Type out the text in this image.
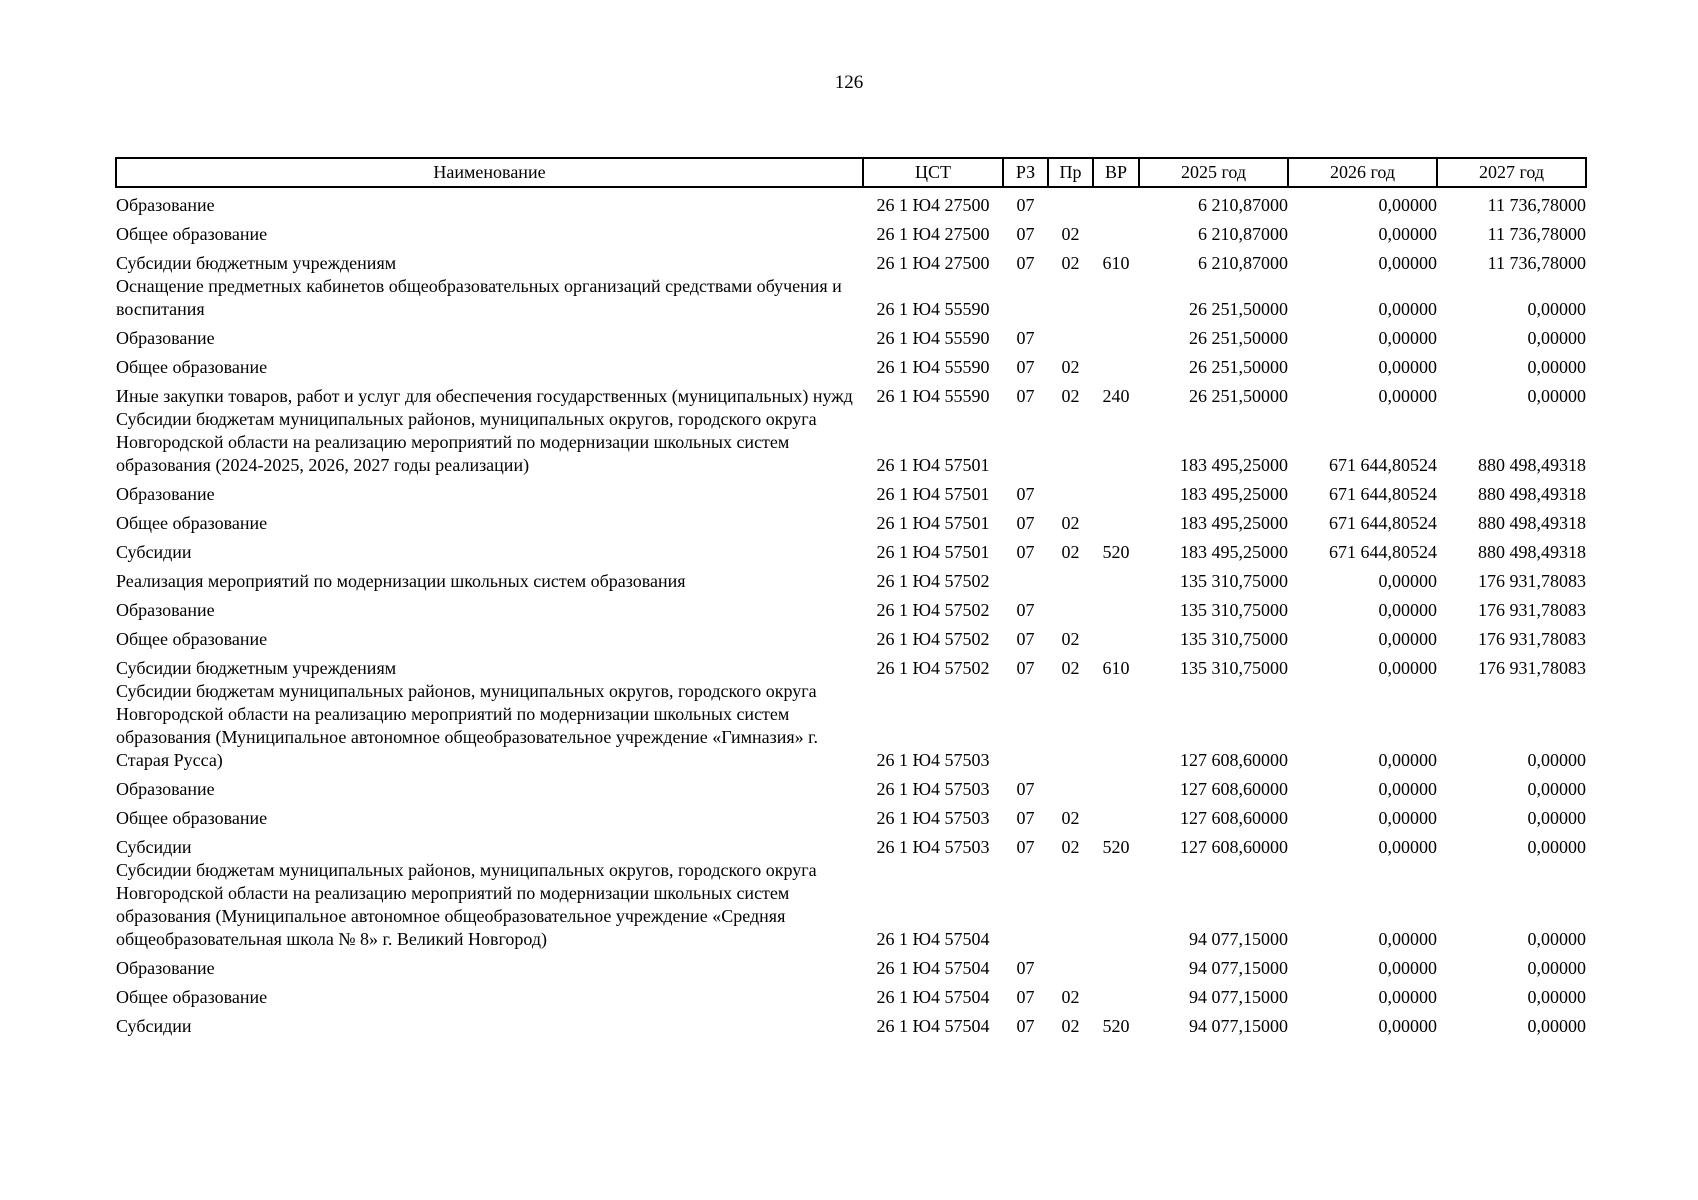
126
Наименование	ЦСТ	РЗ	Пр	ВР	2025 год	2026 год	2027 год
Образование	26 1 Ю4 27500	07			6 210,87000	0,00000	11 736,78000
Общее образование	26 1 Ю4 27500	07	02		6 210,87000	0,00000	11 736,78000
Субсидии бюджетным учреждениям	26 1 Ю4 27500	07	02	610	6 210,87000	0,00000	11 736,78000
Оснащение предметных кабинетов общеобразовательных организаций средствами обучения и воспитания	26 1 Ю4 55590				26 251,50000	0,00000	0,00000
Образование	26 1 Ю4 55590	07			26 251,50000	0,00000	0,00000
Общее образование	26 1 Ю4 55590	07	02		26 251,50000	0,00000	0,00000
Иные закупки товаров, работ и услуг для обеспечения государственных (муниципальных) нужд	26 1 Ю4 55590	07	02	240	26 251,50000	0,00000	0,00000
Субсидии бюджетам муниципальных районов, муниципальных округов, городского округа Новгородской области на реализацию мероприятий по модернизации школьных систем образования (2024-2025, 2026, 2027 годы реализации)	26 1 Ю4 57501				183 495,25000	671 644,80524	880 498,49318
Образование	26 1 Ю4 57501	07			183 495,25000	671 644,80524	880 498,49318
Общее образование	26 1 Ю4 57501	07	02		183 495,25000	671 644,80524	880 498,49318
Субсидии	26 1 Ю4 57501	07	02	520	183 495,25000	671 644,80524	880 498,49318
Реализация мероприятий по модернизации школьных систем образования	26 1 Ю4 57502				135 310,75000	0,00000	176 931,78083
Образование	26 1 Ю4 57502	07			135 310,75000	0,00000	176 931,78083
Общее образование	26 1 Ю4 57502	07	02		135 310,75000	0,00000	176 931,78083
Субсидии бюджетным учреждениям	26 1 Ю4 57502	07	02	610	135 310,75000	0,00000	176 931,78083
Субсидии бюджетам муниципальных районов, муниципальных округов, городского округа Новгородской области на реализацию мероприятий по модернизации школьных систем образования (Муниципальное автономное общеобразовательное учреждение «Гимназия» г. Старая Русса)	26 1 Ю4 57503				127 608,60000	0,00000	0,00000
Образование	26 1 Ю4 57503	07			127 608,60000	0,00000	0,00000
Общее образование	26 1 Ю4 57503	07	02		127 608,60000	0,00000	0,00000
Субсидии	26 1 Ю4 57503	07	02	520	127 608,60000	0,00000	0,00000
Субсидии бюджетам муниципальных районов, муниципальных округов, городского округа Новгородской области на реализацию мероприятий по модернизации школьных систем образования (Муниципальное автономное общеобразовательное учреждение «Средняя общеобразовательная школа № 8» г. Великий Новгород)	26 1 Ю4 57504				94 077,15000	0,00000	0,00000
Образование	26 1 Ю4 57504	07			94 077,15000	0,00000	0,00000
Общее образование	26 1 Ю4 57504	07	02		94 077,15000	0,00000	0,00000
Субсидии	26 1 Ю4 57504	07	02	520	94 077,15000	0,00000	0,00000
